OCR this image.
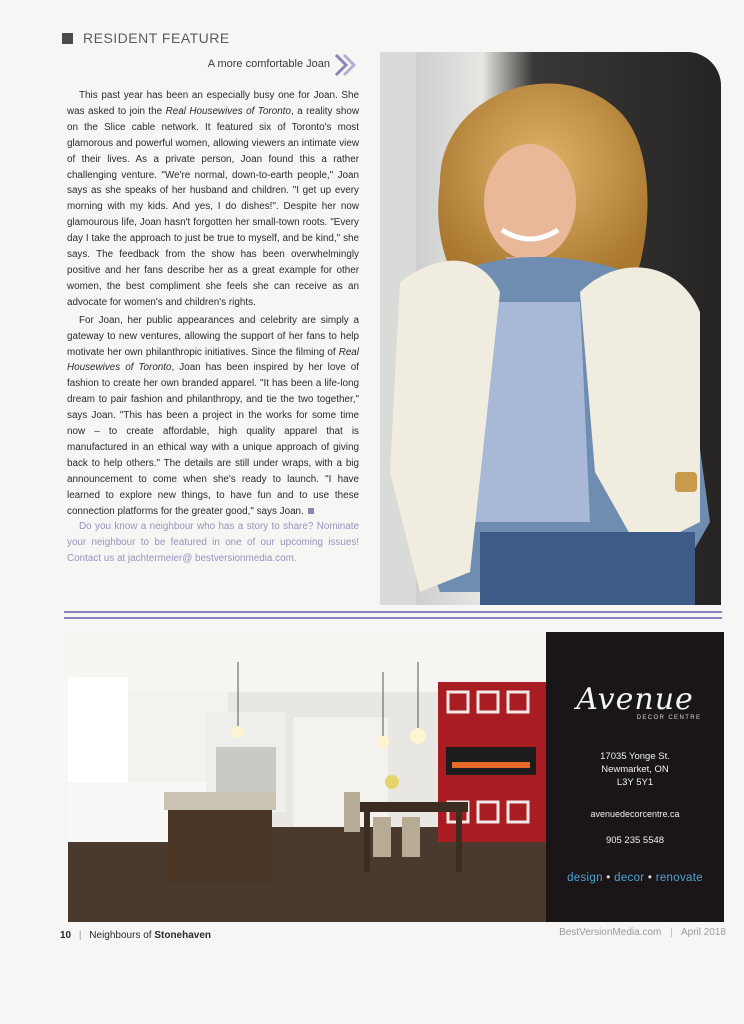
RESIDENT FEATURE
A more comfortable Joan

This past year has been an especially busy one for Joan. She was asked to join the Real Housewives of Toronto, a reality show on the Slice cable network. It featured six of Toronto's most glamorous and powerful women, allowing viewers an intimate view of their lives. As a private person, Joan found this a rather challenging venture. "We're normal, down-to-earth people," Joan says as she speaks of her husband and children. "I get up every morning with my kids. And yes, I do dishes!". Despite her now glamourous life, Joan hasn't forgotten her small-town roots. "Every day I take the approach to just be true to myself, and be kind," she says. The feedback from the show has been overwhelmingly positive and her fans describe her as a great example for other women, the best compliment she feels she can receive as an advocate for women's and children's rights.

For Joan, her public appearances and celebrity are simply a gateway to new ventures, allowing the support of her fans to help motivate her own philanthropic initiatives. Since the filming of Real Housewives of Toronto, Joan has been inspired by her love of fashion to create her own branded apparel. "It has been a life-long dream to pair fashion and philanthropy, and tie the two together," says Joan. "This has been a project in the works for some time now – to create affordable, high quality apparel that is manufactured in an ethical way with a unique approach of giving back to help others." The details are still under wraps, with a big announcement to come when she's ready to launch. "I have learned to explore new things, to have fun and to use these connection platforms for the greater good," says Joan.

Do you know a neighbour who has a story to share? Nominate your neighbour to be featured in one of our upcoming issues! Contact us at jachtermeier@ bestversionmedia.com.

Avenue
DECOR CENTRE
17035 Yonge St.
Newmarket, ON
L3Y 5Y1
avenuedecorcentre.ca
905 235 5548
design • decor • renovate
10 | Neighbours of Stonehaven	BestVersionMedia.com | April 2018
